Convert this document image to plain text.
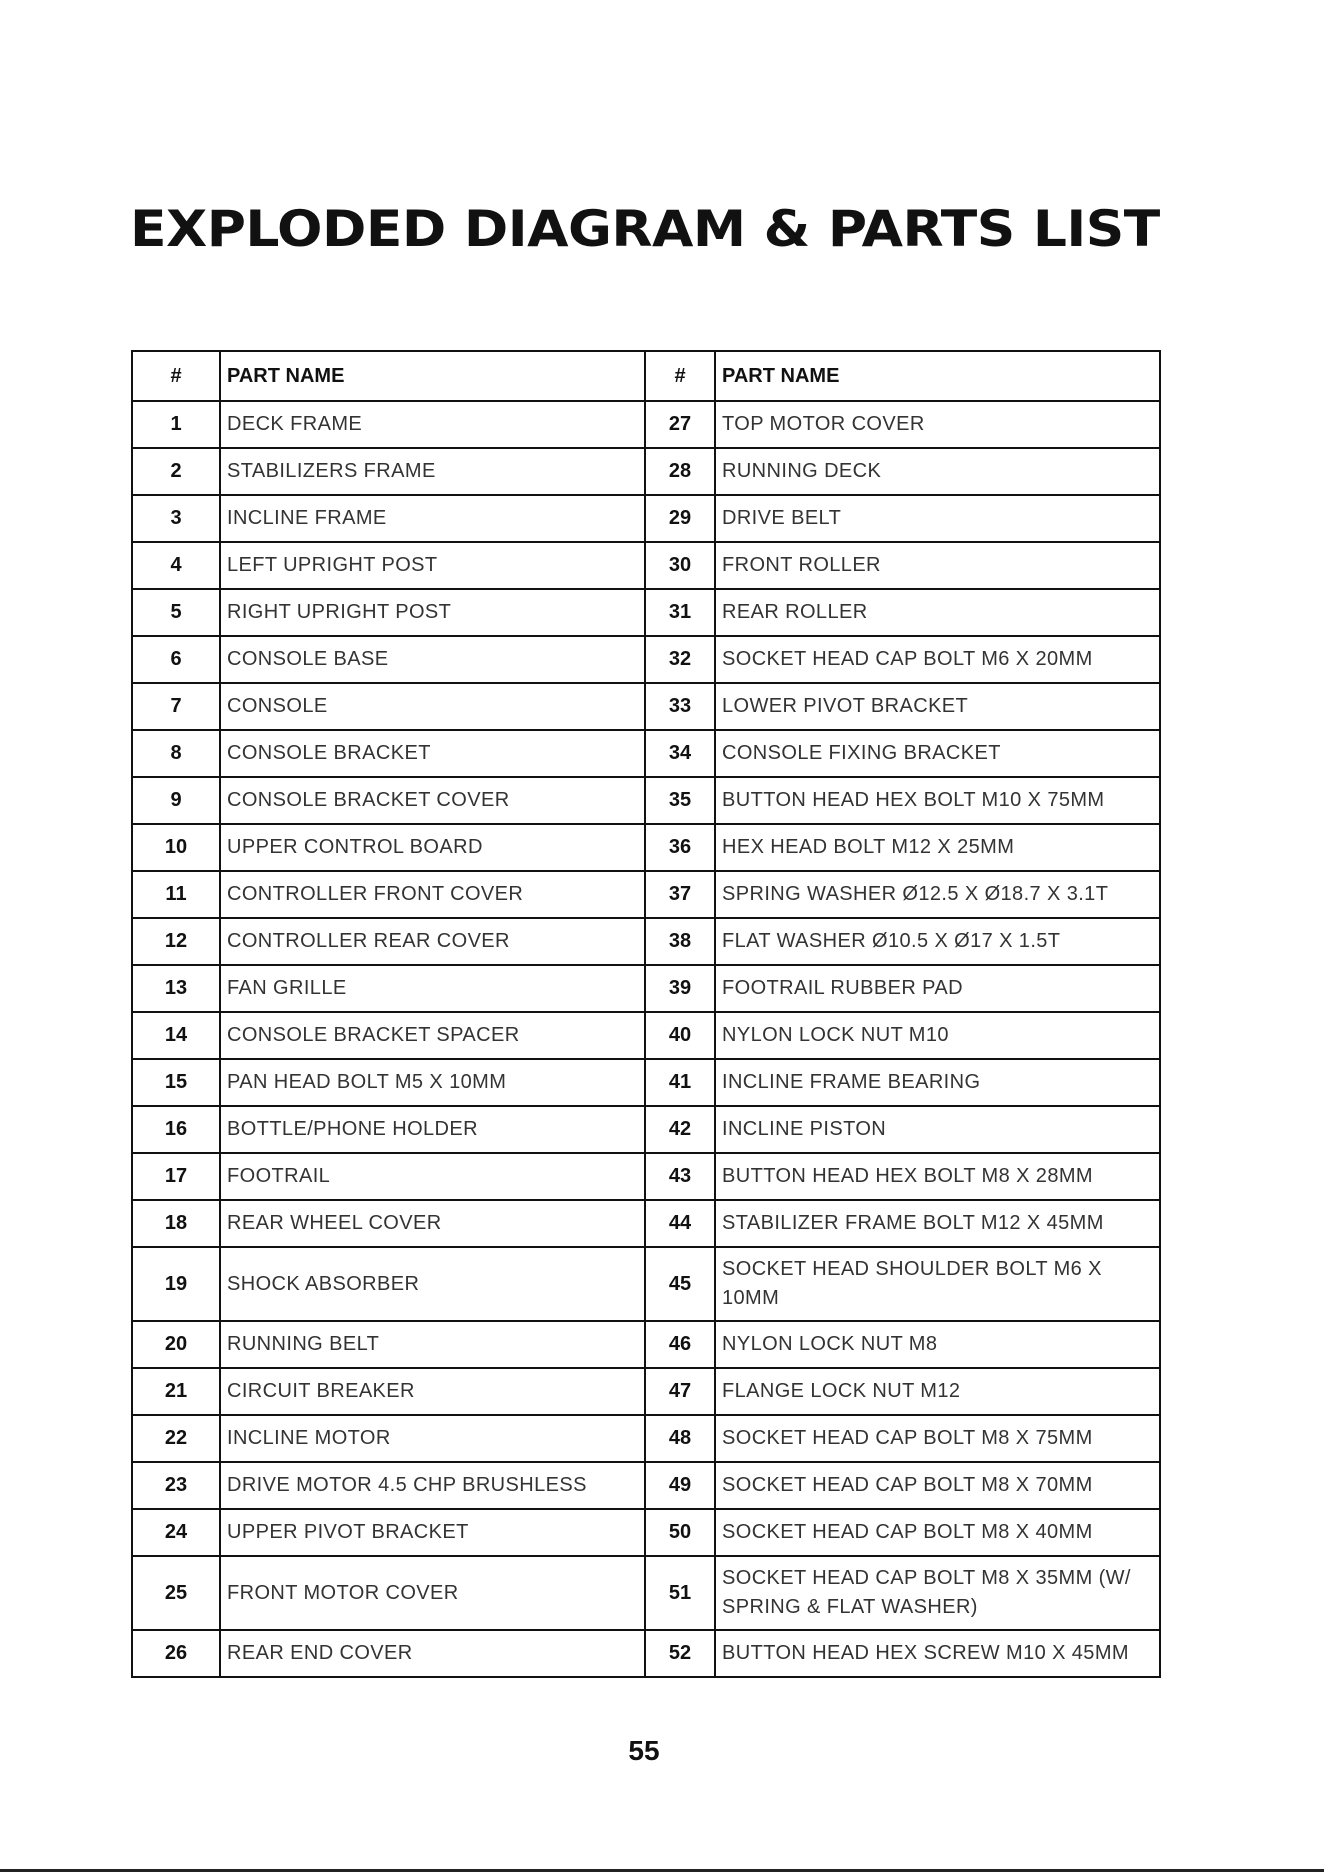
EXPLODED DIAGRAM & PARTS LIST
#	PART NAME	#	PART NAME
1	DECK FRAME	27	TOP MOTOR COVER
2	STABILIZERS FRAME	28	RUNNING DECK
3	INCLINE FRAME	29	DRIVE BELT
4	LEFT UPRIGHT POST	30	FRONT ROLLER
5	RIGHT UPRIGHT POST	31	REAR ROLLER
6	CONSOLE BASE	32	SOCKET HEAD CAP BOLT M6 X 20MM
7	CONSOLE	33	LOWER PIVOT BRACKET
8	CONSOLE BRACKET	34	CONSOLE FIXING BRACKET
9	CONSOLE BRACKET COVER	35	BUTTON HEAD HEX BOLT M10 X 75MM
10	UPPER CONTROL BOARD	36	HEX HEAD BOLT M12 X 25MM
11	CONTROLLER FRONT COVER	37	SPRING WASHER Ø12.5 X Ø18.7 X 3.1T
12	CONTROLLER REAR COVER	38	FLAT WASHER Ø10.5 X Ø17 X 1.5T
13	FAN GRILLE	39	FOOTRAIL RUBBER PAD
14	CONSOLE BRACKET SPACER	40	NYLON LOCK NUT M10
15	PAN HEAD BOLT M5 X 10MM	41	INCLINE FRAME BEARING
16	BOTTLE/PHONE HOLDER	42	INCLINE PISTON
17	FOOTRAIL	43	BUTTON HEAD HEX BOLT M8 X 28MM
18	REAR WHEEL COVER	44	STABILIZER FRAME BOLT M12 X 45MM
19	SHOCK ABSORBER	45	SOCKET HEAD SHOULDER BOLT M6 X 10MM
20	RUNNING BELT	46	NYLON LOCK NUT M8
21	CIRCUIT BREAKER	47	FLANGE LOCK NUT M12
22	INCLINE MOTOR	48	SOCKET HEAD CAP BOLT M8 X 75MM
23	DRIVE MOTOR 4.5 CHP BRUSHLESS	49	SOCKET HEAD CAP BOLT M8 X 70MM
24	UPPER PIVOT BRACKET	50	SOCKET HEAD CAP BOLT M8 X 40MM
25	FRONT MOTOR COVER	51	SOCKET HEAD CAP BOLT M8 X 35MM (W/ SPRING & FLAT WASHER)
26	REAR END COVER	52	BUTTON HEAD HEX SCREW M10 X 45MM
55
